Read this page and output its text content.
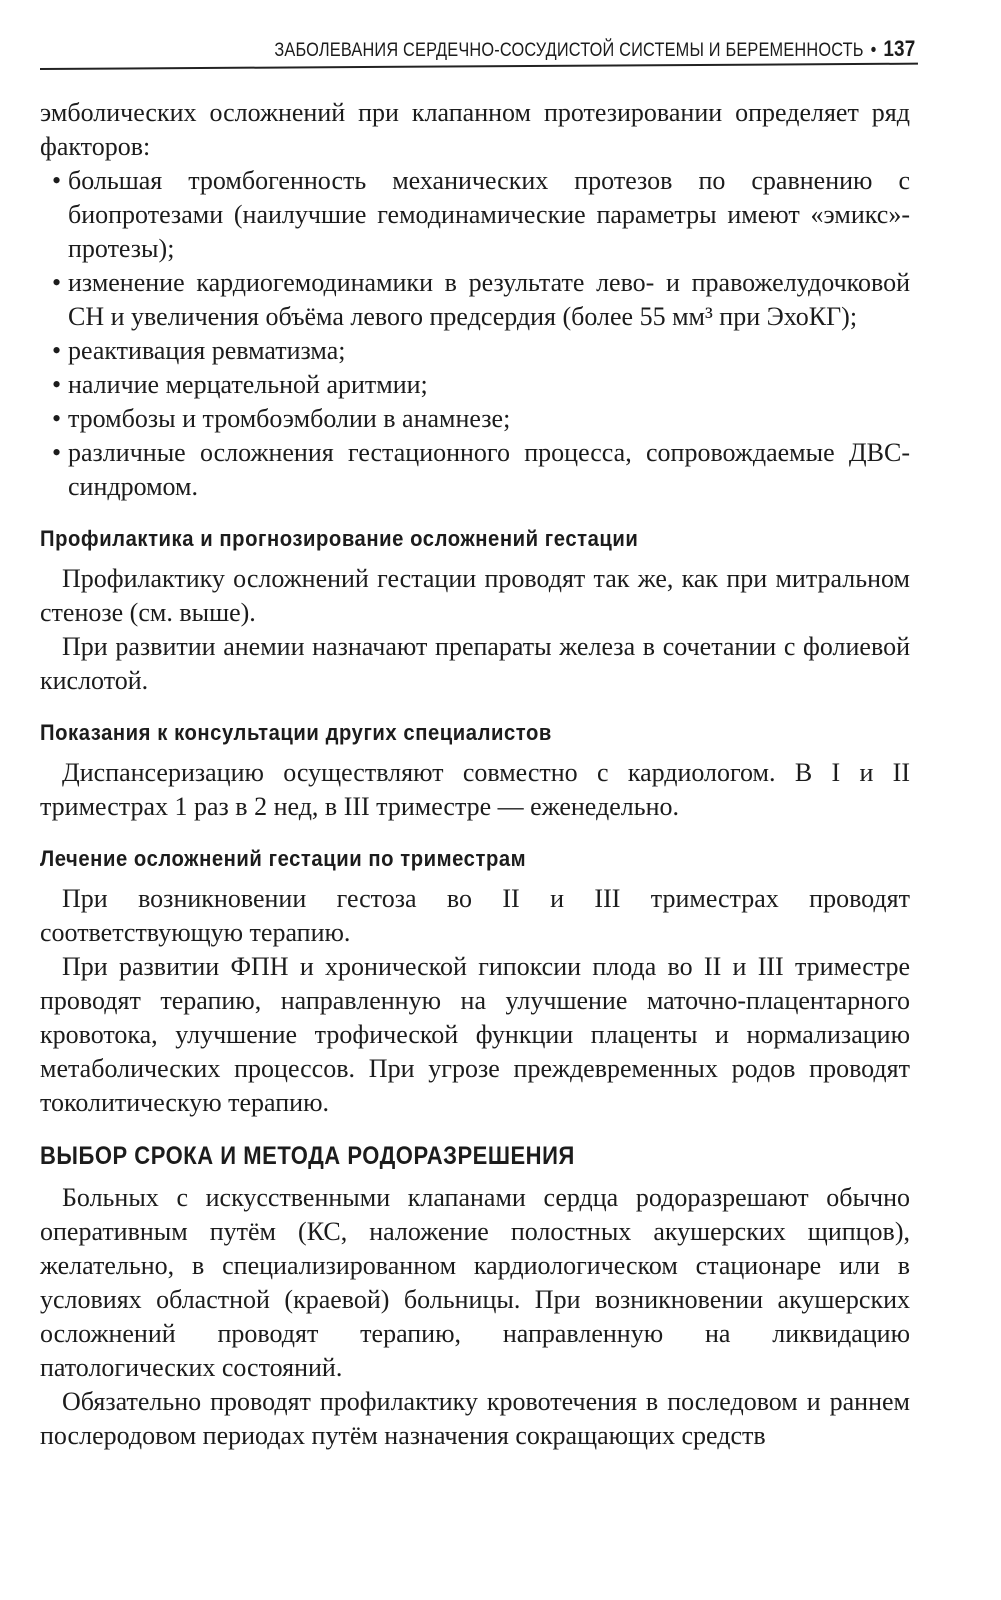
ЗАБОЛЕВАНИЯ СЕРДЕЧНО-СОСУДИСТОЙ СИСТЕМЫ И БЕРЕМЕННОСТЬ • 137

эмболических осложнений при клапанном протезировании определяет ряд факторов:

• большая тромбогенность механических протезов по сравнению с биопротезами (наилучшие гемодинамические параметры имеют «эмикс»-протезы);
• изменение кардиогемодинамики в результате лево- и правожелудочковой СН и увеличения объёма левого предсердия (более 55 мм³ при ЭхоКГ);
• реактивация ревматизма;
• наличие мерцательной аритмии;
• тромбозы и тромбоэмболии в анамнезе;
• различные осложнения гестационного процесса, сопровождаемые ДВС-синдромом.
Профилактика и прогнозирование осложнений гестации

Профилактику осложнений гестации проводят так же, как при митральном стенозе (см. выше).

При развитии анемии назначают препараты железа в сочетании с фолиевой кислотой.

Показания к консультации других специалистов

Диспансеризацию осуществляют совместно с кардиологом. В I и II триместрах 1 раз в 2 нед, в III триместре — еженедельно.

Лечение осложнений гестации по триместрам

При возникновении гестоза во II и III триместрах проводят соответствующую терапию.

При развитии ФПН и хронической гипоксии плода во II и III триместре проводят терапию, направленную на улучшение маточно-плацентарного кровотока, улучшение трофической функции плаценты и нормализацию метаболических процессов. При угрозе преждевременных родов проводят токолитическую терапию.

ВЫБОР СРОКА И МЕТОДА РОДОРАЗРЕШЕНИЯ

Больных с искусственными клапанами сердца родоразрешают обычно оперативным путём (КС, наложение полостных акушерских щипцов), желательно, в специализированном кардиологическом стационаре или в условиях областной (краевой) больницы. При возникновении акушерских осложнений проводят терапию, направленную на ликвидацию патологических состояний.

Обязательно проводят профилактику кровотечения в последовом и раннем послеродовом периодах путём назначения сокращающих средств
